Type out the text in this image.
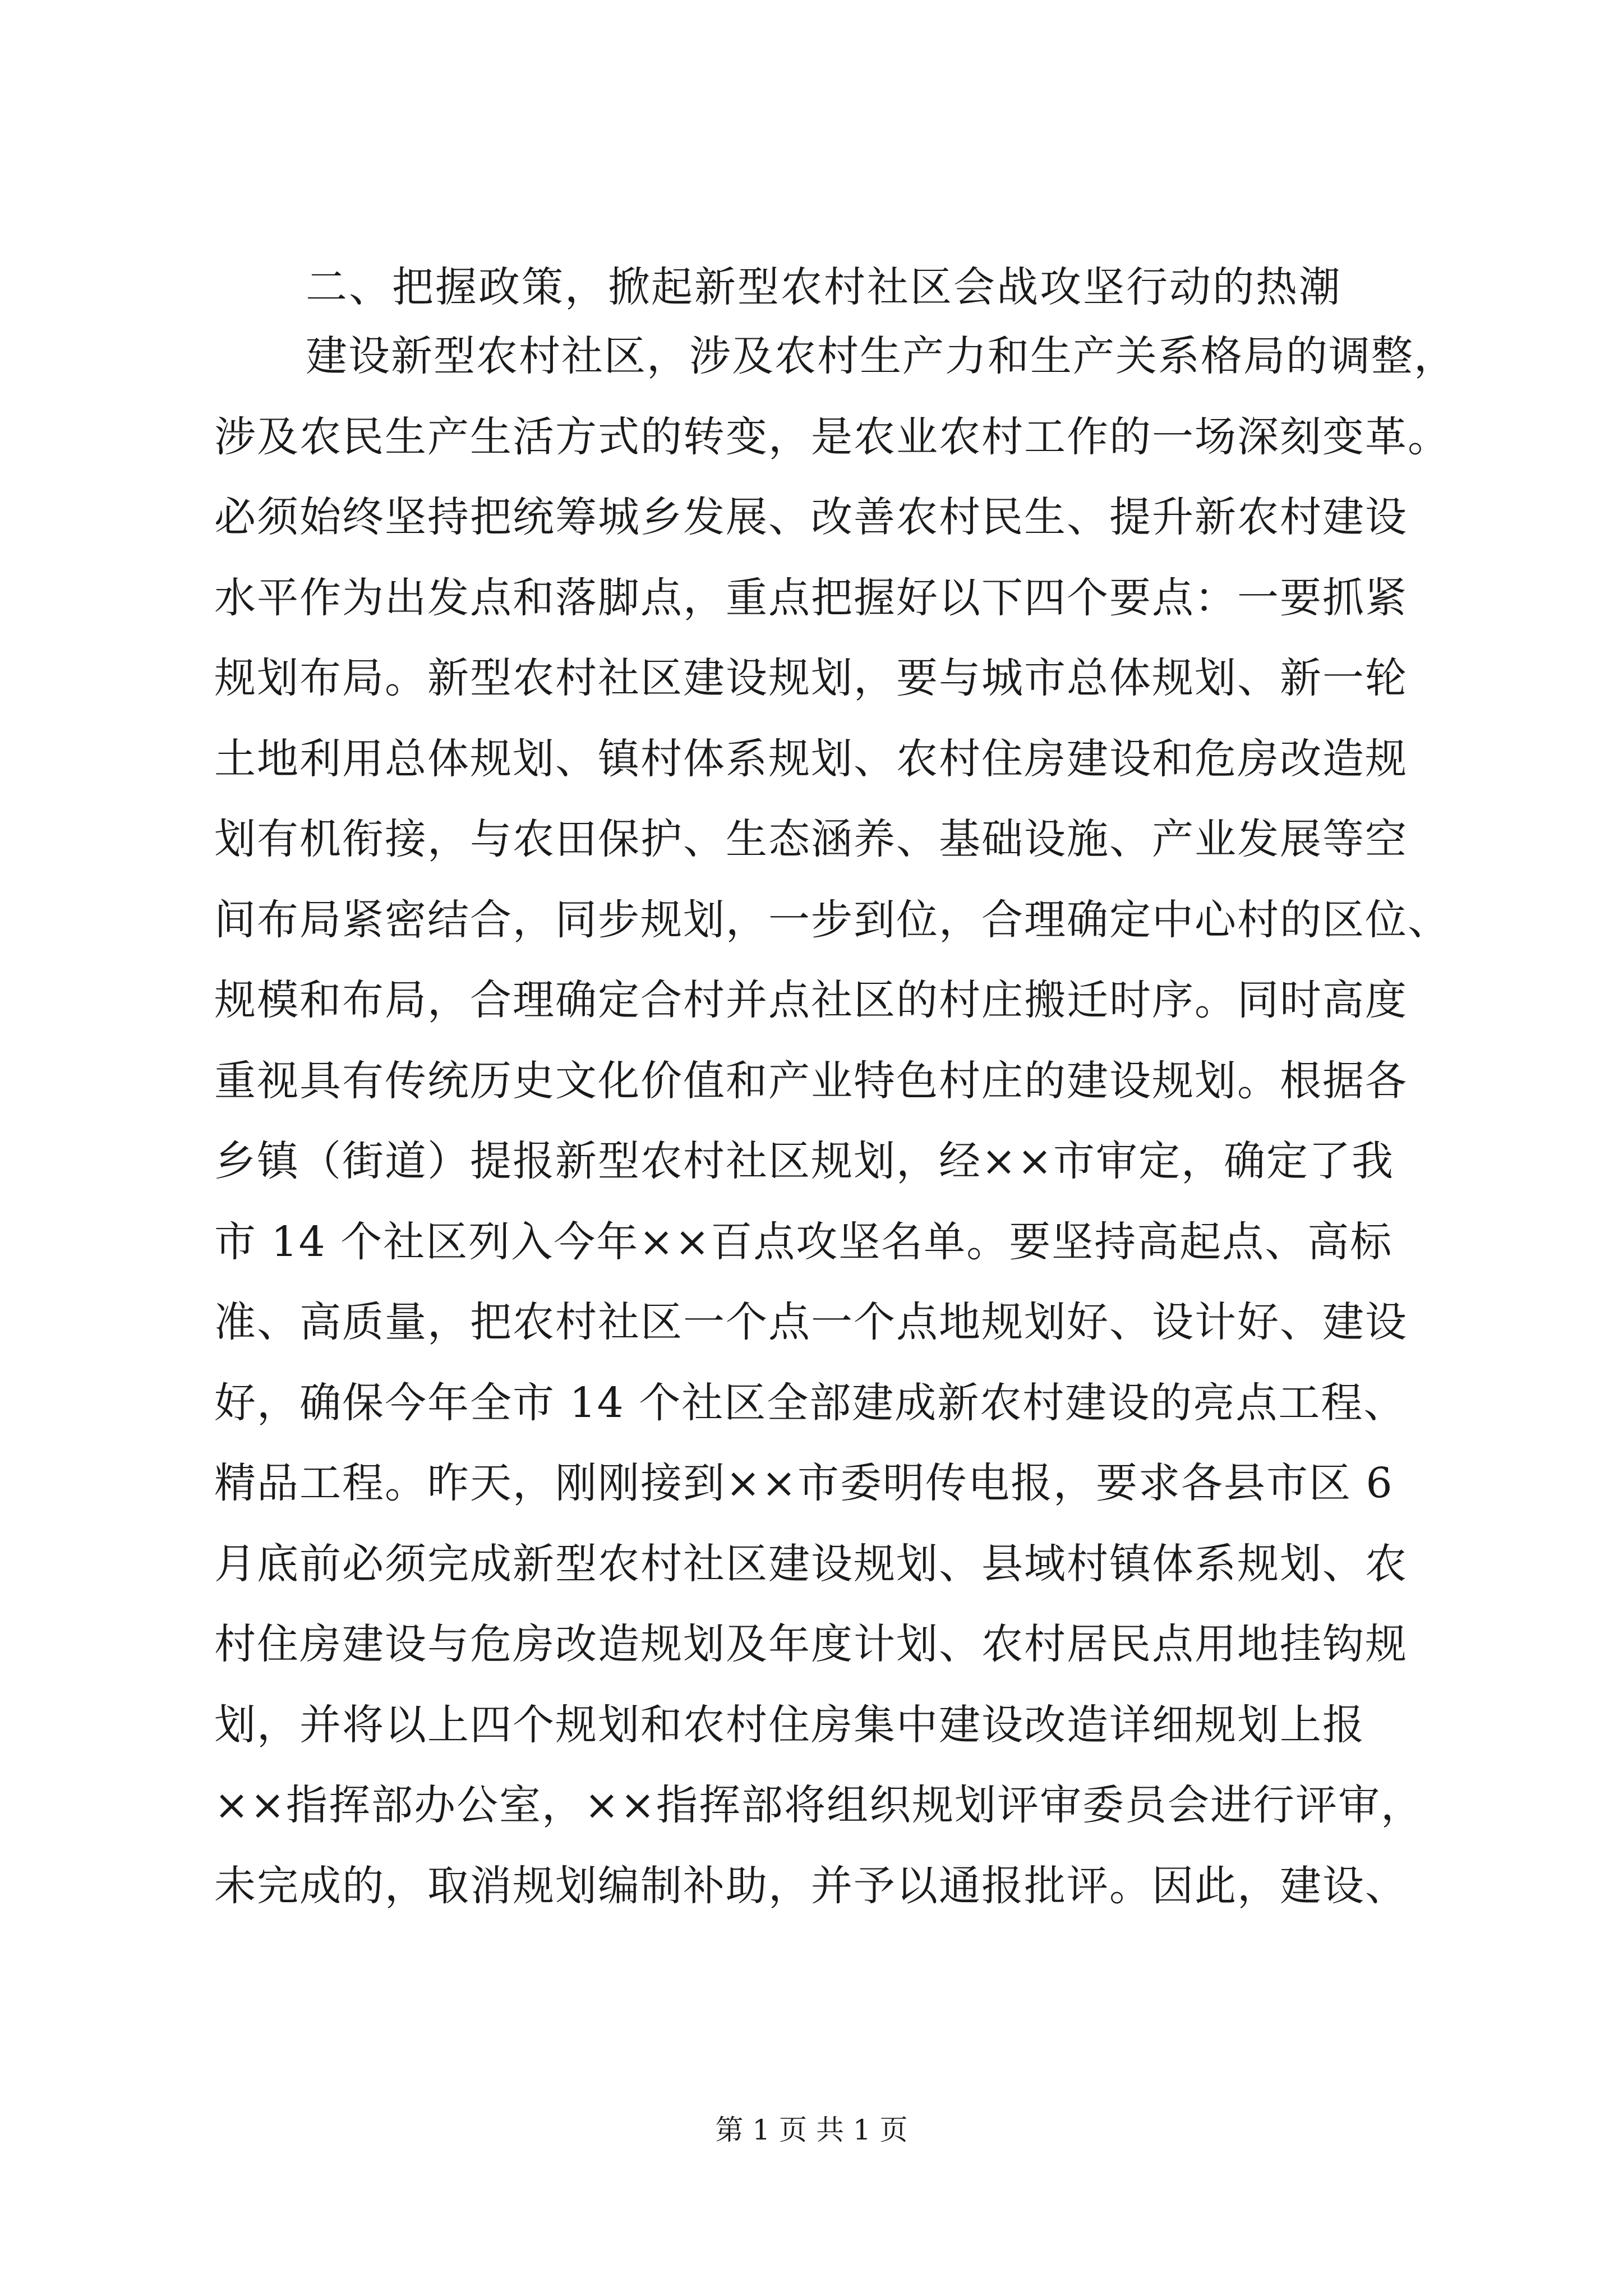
二、把握政策，掀起新型农村社区会战攻坚行动的热潮
建设新型农村社区，涉及农村生产力和生产关系格局的调整，
涉及农民生产生活方式的转变，是农业农村工作的一场深刻变革。
必须始终坚持把统筹城乡发展、改善农村民生、提升新农村建设
水平作为出发点和落脚点，重点把握好以下四个要点：一要抓紧
规划布局。新型农村社区建设规划，要与城市总体规划、新一轮
土地利用总体规划、镇村体系规划、农村住房建设和危房改造规
划有机衔接，与农田保护、生态涵养、基础设施、产业发展等空
间布局紧密结合，同步规划，一步到位，合理确定中心村的区位、
规模和布局，合理确定合村并点社区的村庄搬迁时序。同时高度
重视具有传统历史文化价值和产业特色村庄的建设规划。根据各
乡镇（街道）提报新型农村社区规划，经××市审定，确定了我
市 14 个社区列入今年××百点攻坚名单。要坚持高起点、高标
准、高质量，把农村社区一个点一个点地规划好、设计好、建设
好，确保今年全市 14 个社区全部建成新农村建设的亮点工程、
精品工程。昨天，刚刚接到××市委明传电报，要求各县市区 6
月底前必须完成新型农村社区建设规划、县域村镇体系规划、农
村住房建设与危房改造规划及年度计划、农村居民点用地挂钩规
划，并将以上四个规划和农村住房集中建设改造详细规划上报
××指挥部办公室，××指挥部将组织规划评审委员会进行评审，
未完成的，取消规划编制补助，并予以通报批评。因此，建设、
第 1 页 共 1 页
